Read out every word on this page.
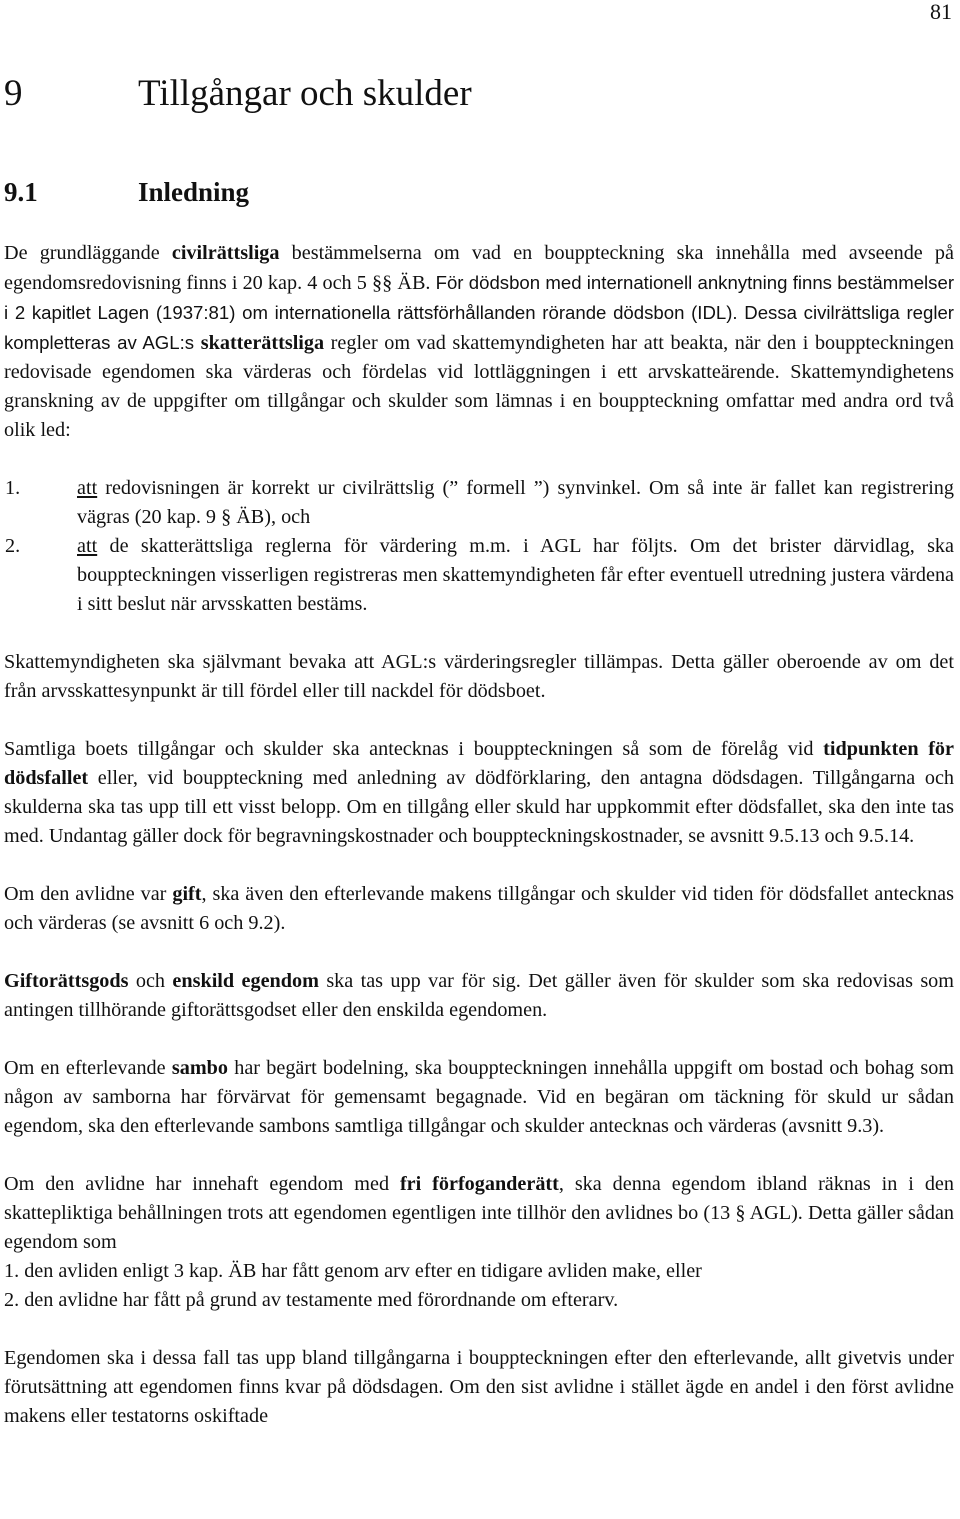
81
9	Tillgångar och skulder
9.1	Inledning

De grundläggande civilrättsliga bestämmelserna om vad en bouppteckning ska innehålla med avseende på egendomsredovisning finns i 20 kap. 4 och 5 §§ ÄB. För dödsbon med internationell anknytning finns bestämmelser i 2 kapitlet Lagen (1937:81) om internationella rättsförhållanden rörande dödsbon (IDL). Dessa civilrättsliga regler kompletteras av AGL:s skatterättsliga regler om vad skattemyndigheten har att beakta, när den i bouppteckningen redovisade egendomen ska värderas och fördelas vid lottläggningen i ett arvskatteärende. Skattemyndighetens granskning av de uppgifter om tillgångar och skulder som lämnas i en bouppteckning omfattar med andra ord två olik led:

1.	att redovisningen är korrekt ur civilrättslig (” formell ”) synvinkel. Om så inte är fallet kan registrering vägras (20 kap. 9 § ÄB), och
2.	att de skatterättsliga reglerna för värdering m.m. i AGL har följts. Om det brister därvidlag, ska bouppteckningen visserligen registreras men skattemyndigheten får efter eventuell utredning justera värdena i sitt beslut när arvsskatten bestäms.

Skattemyndigheten ska självmant bevaka att AGL:s värderingsregler tillämpas. Detta gäller oberoende av om det från arvsskattesynpunkt är till fördel eller till nackdel för dödsboet.

Samtliga boets tillgångar och skulder ska antecknas i bouppteckningen så som de förelåg vid tidpunkten för dödsfallet eller, vid bouppteckning med anledning av dödförklaring, den antagna dödsdagen. Tillgångarna och skulderna ska tas upp till ett visst belopp. Om en tillgång eller skuld har uppkommit efter dödsfallet, ska den inte tas med. Undantag gäller dock för begravningskostnader och bouppteckningskostnader, se avsnitt 9.5.13 och 9.5.14.

Om den avlidne var gift, ska även den efterlevande makens tillgångar och skulder vid tiden för dödsfallet antecknas och värderas (se avsnitt 6 och 9.2).

Giftorättsgods och enskild egendom ska tas upp var för sig. Det gäller även för skulder som ska redovisas som antingen tillhörande giftorättsgodset eller den enskilda egendomen.

Om en efterlevande sambo har begärt bodelning, ska bouppteckningen innehålla uppgift om bostad och bohag som någon av samborna har förvärvat för gemensamt begagnade. Vid en begäran om täckning för skuld ur sådan egendom, ska den efterlevande sambons samtliga tillgångar och skulder antecknas och värderas (avsnitt 9.3).

Om den avlidne har innehaft egendom med fri förfoganderätt, ska denna egendom ibland räknas in i den skattepliktiga behållningen trots att egendomen egentligen inte tillhör den avlidnes bo (13 § AGL). Detta gäller sådan egendom som

1. den avliden enligt 3 kap. ÄB har fått genom arv efter en tidigare avliden make, eller

2. den avlidne har fått på grund av testamente med förordnande om efterarv.

Egendomen ska i dessa fall tas upp bland tillgångarna i bouppteckningen efter den efterlevande, allt givetvis under förutsättning att egendomen finns kvar på dödsdagen. Om den sist avlidne i stället ägde en andel i den först avlidne makens eller testatorns oskiftade
